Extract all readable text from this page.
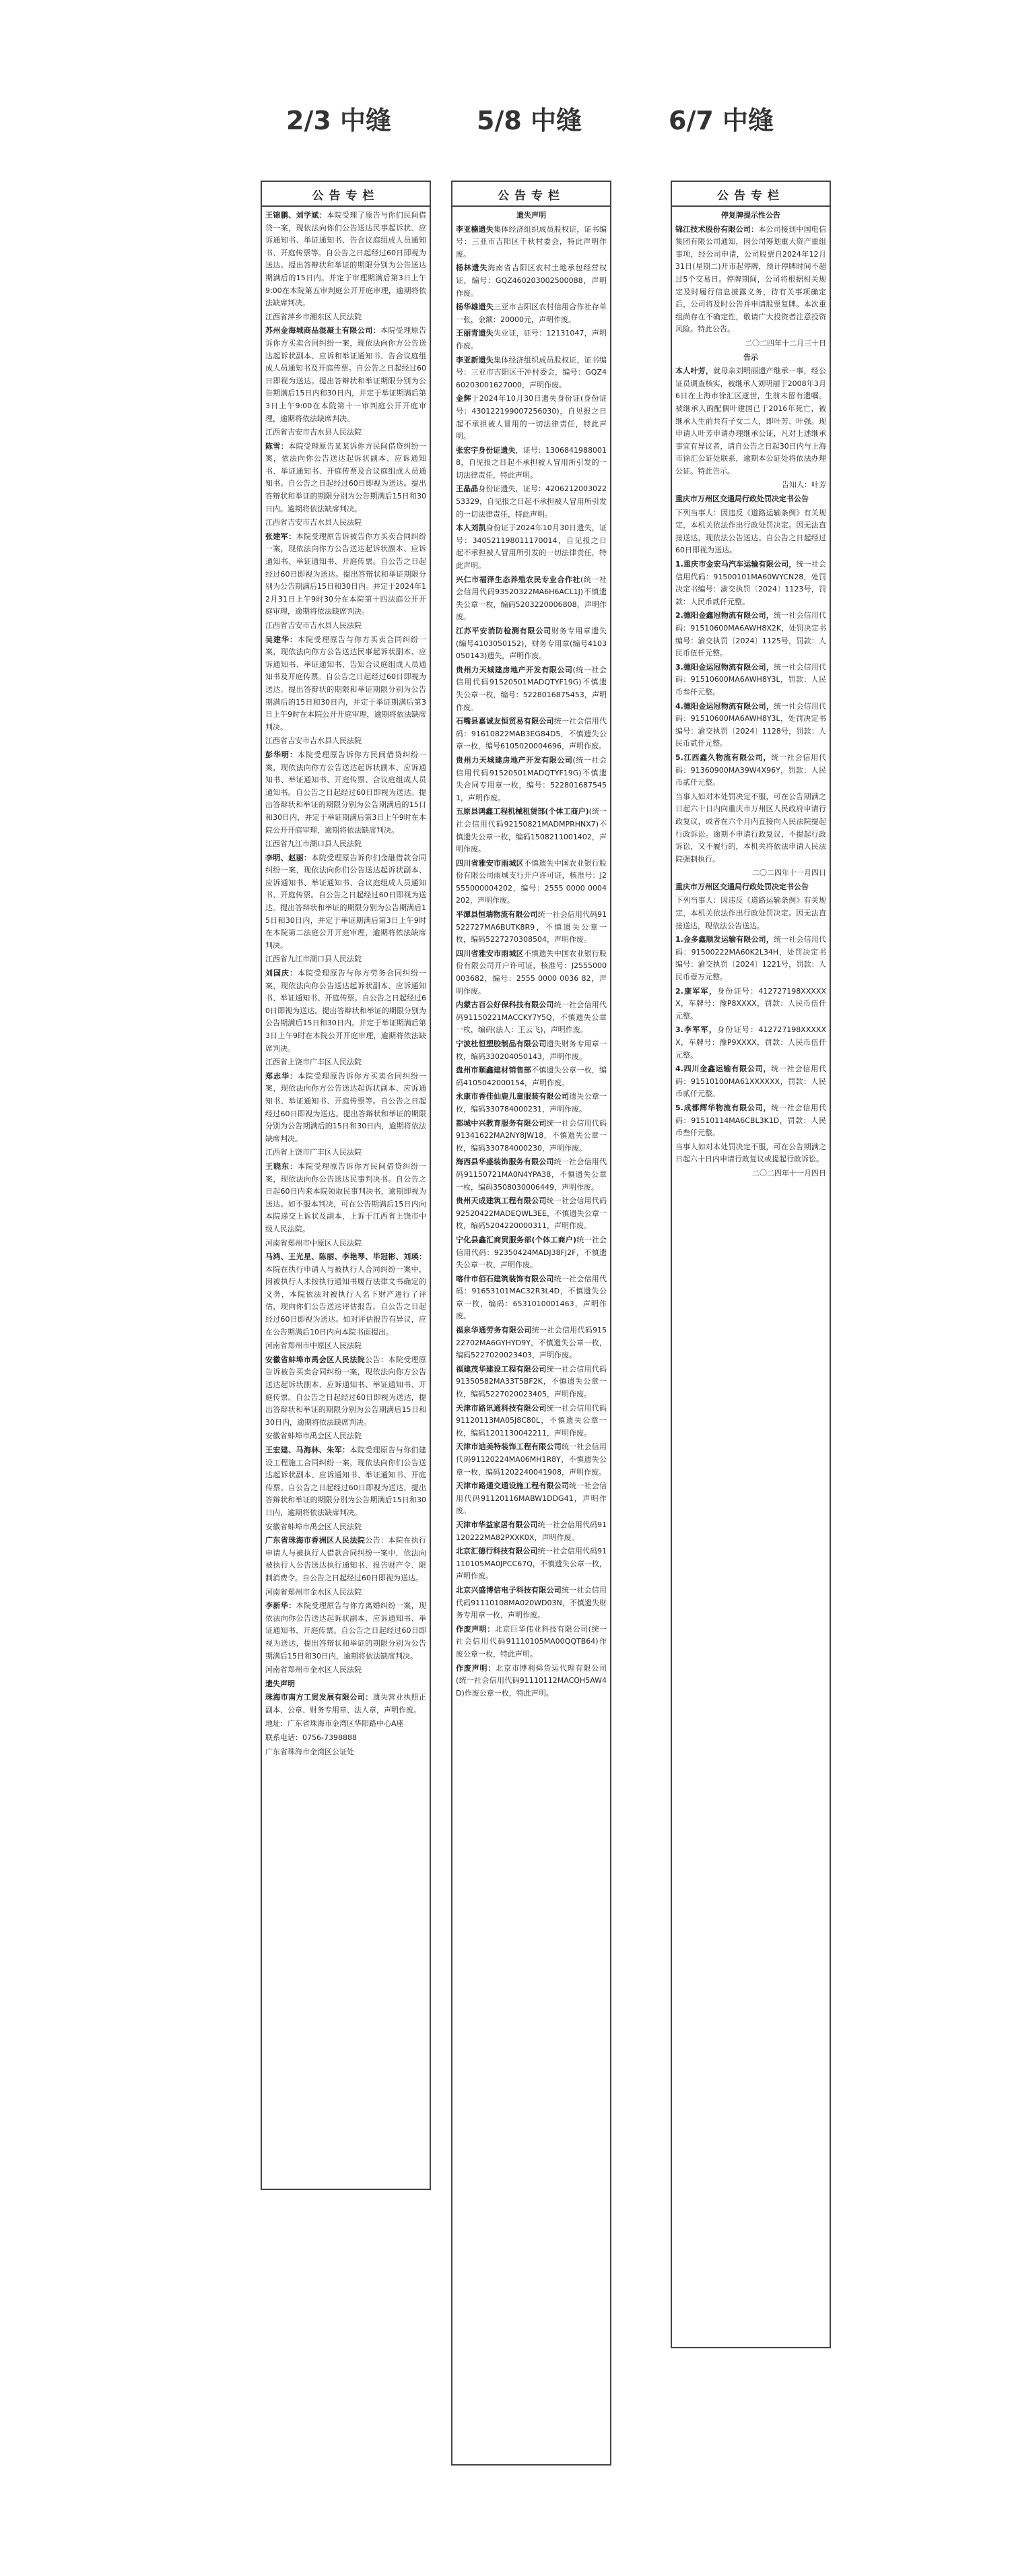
2/3 中缝	5/8 中缝	6/7 中缝
公告专栏

王锦鹏、刘学斌：本院受理了原告与你们民间借贷一案，现依法向你们公告送达民事起诉状、应诉通知书、举证通知书、告合议庭组成人员通知书、开庭传票等。自公告之日起经过60日即视为送达。提出答辩状和举证的期限分别为公告送达期满后的15日内。并定于审理期满后第3日上午9:00在本院第五审判庭公开开庭审理，逾期将依法缺席判决。

江西省萍乡市湘东区人民法院

苏州金海城商品混凝土有限公司：本院受理原告诉你方买卖合同纠纷一案，现依法向你方公告送达起诉状副本、应诉和举证通知书、告合议庭组成人员通知书及开庭传票。自公告之日起经过60日即视为送达。提出答辩状和举证期限分别为公告期满后15日内和30日内，并定于举证期满后第3日上午9:00在本院第十一审判庭公开开庭审理，逾期将依法缺席判决。

江西省吉安市吉水县人民法院

陈雪：本院受理原告某某诉你方民间借贷纠纷一案，依法向你公告送达起诉状副本、应诉通知书、举证通知书、开庭传票及合议庭组成人员通知书。自公告之日起经过60日即视为送达。提出答辩状和举证的期限分别为公告期满后15日和30日内。逾期将依法缺席判决。

江西省吉安市吉水县人民法院

张建军：本院受理原告诉被告你方买卖合同纠纷一案，现依法向你方公告送达起诉状副本、应诉通知书、举证通知书、开庭传票。自公告之日起经过60日即视为送达。提出答辩状和举证期限分别为公告期满后15日和30日内。并定于2024年12月31日上午9时30分在本院第十四法庭公开开庭审理，逾期将依法缺席判决。

江西省吉安市吉水县人民法院

吴建华：本院受理原告与你方买卖合同纠纷一案，现依法向你方公告送达民事起诉状副本、应诉通知书、举证通知书、告知合议庭组成人员通知书及开庭传票。自公告之日起经过60日即视为送达。提出答辩状的期限和举证期限分别为公告期满后的15日和30日内，并定于举证期满后第3日上午9时在本院公开开庭审理，逾期将依法缺席判决。

江西省吉安市吉水县人民法院

彭华明：本院受理原告诉你方民间借贷纠纷一案，现依法向你方公告送达起诉状副本、应诉通知书、举证通知书、开庭传票、合议庭组成人员通知书。自公告之日起经过60日即视为送达。提出答辩状和举证的期限分别为公告期满后的15日和30日内，并定于举证期满后第3日上午9时在本院公开开庭审理，逾期将依法缺席判决。

江西省九江市湖口县人民法院

李明、赵丽：本院受理原告诉你们金融借款合同纠纷一案，现依法向你们公告送达起诉状副本、应诉通知书、举证通知书、合议庭组成人员通知书、开庭传票。自公告之日起经过60日即视为送达。提出答辩状和举证的期限分别为公告期满后15日和30日内，并定于举证期满后第3日上午9时在本院第二法庭公开开庭审理，逾期将依法缺席判决。

江西省九江市湖口县人民法院

刘国庆：本院受理原告与你方劳务合同纠纷一案，现依法向你公告送达起诉状副本、应诉通知书、举证通知书、开庭传票。自公告之日起经过60日即视为送达。提出答辩状和举证的期限分别为公告期满后15日和30日内。并定于举证期满后第3日上午9时在本院公开开庭审理，逾期将依法缺席判决。

江西省上饶市广丰区人民法院

郑志华：本院受理原告诉你方买卖合同纠纷一案，现依法向你方公告送达起诉状副本、应诉通知书、举证通知书、开庭传票等。自公告之日起经过60日即视为送达。提出答辩状和举证的期限分别为公告期满后的15日和30日内，逾期将依法缺席判决。

江西省上饶市广丰区人民法院

王晓东：本院受理原告诉你方民间借贷纠纷一案，现依法向你公告送达民事判决书。自公告之日起60日内来本院领取民事判决书，逾期即视为送达。如不服本判决，可在公告期满后15日内向本院递交上诉状及副本，上诉于江西省上饶市中级人民法院。

河南省郑州市中原区人民法院

马鸿、王光星、陈丽、李艳琴、毕冠彬、刘瑛：本院在执行申请人与被执行人合同纠纷一案中，因被执行人未按执行通知书履行法律文书确定的义务，本院依法对被执行人名下财产进行了评估，现向你们公告送达评估报告。自公告之日起经过60日即视为送达。如对评估报告有异议，应在公告期满后10日内向本院书面提出。

河南省郑州市中原区人民法院

安徽省蚌埠市禹会区人民法院公告：本院受理原告诉被告买卖合同纠纷一案，现依法向你方公告送达起诉状副本、应诉通知书、举证通知书、开庭传票。自公告之日起经过60日即视为送达，提出答辩状和举证的期限分别为公告期满后15日和30日内，逾期将依法缺席判决。

安徽省蚌埠市禹会区人民法院

王宏建、马海林、朱军：本院受理原告与你们建设工程施工合同纠纷一案，现依法向你们公告送达起诉状副本、应诉通知书、举证通知书、开庭传票。自公告之日起经过60日即视为送达，提出答辩状和举证的期限分别为公告期满后15日和30日内，逾期将依法缺席判决。

安徽省蚌埠市禹会区人民法院

广东省珠海市香洲区人民法院公告：本院在执行申请人与被执行人借款合同纠纷一案中，依法向被执行人公告送达执行通知书、报告财产令、限制消费令。自公告之日起经过60日即视为送达。

河南省郑州市金水区人民法院

李新华：本院受理原告与你方离婚纠纷一案，现依法向你公告送达起诉状副本、应诉通知书、举证通知书、开庭传票。自公告之日起经过60日即视为送达，提出答辩状和举证的期限分别为公告期满后15日和30日内，逾期将依法缺席判决。

河南省郑州市金水区人民法院

遗失声明

珠海市南方工贸发展有限公司：遗失营业执照正副本、公章、财务专用章、法人章，声明作废。

地址：广东省珠海市金湾区华阳路中心A座

联系电话：0756-7398888

广东省珠海市金湾区公证处

公告专栏

遗失声明

李亚楠遗失集体经济组织成员股权证，证书编号：三亚市吉阳区千秋村委会，特此声明作废。

杨林遗失海南省吉阳区农村土地承包经营权证，编号：GQZ460203002500088，声明作废。

杨华雄遗失三亚市吉阳区农村信用合作社存单一张，金额：20000元，声明作废。

王丽青遗失失业证，证号：12131047，声明作废。

李亚新遗失集体经济组织成员股权证，证书编号：三亚市吉阳区干冲村委会，编号：GQZ460203001627000，声明作废。

金辉于2024年10月30日遗失身份证(身份证号：430122199007256030)，自见报之日起不承担被人冒用的一切法律责任，特此声明。

张宏宇身份证遗失，证号：13068419880018，自见报之日起不承担被人冒用所引发的一切法律责任，特此声明。

王晶晶身份证遗失，证号：420621200302253329，自见报之日起不承担被人冒用所引发的一切法律责任，特此声明。

本人刘凯身份证于2024年10月30日遗失，证号：340521198011170014，自见报之日起不承担被人冒用所引发的一切法律责任，特此声明。

兴仁市福泽生态养殖农民专业合作社(统一社会信用代码93520322MA6H6ACL1J)不慎遗失公章一枚，编码5203220006808，声明作废。

江苏平安消防检测有限公司财务专用章遗失(编号4103050152)，财务专用章(编号4103050143)遗失，声明作废。

贵州力天城建房地产开发有限公司(统一社会信用代码91520501MADQTYF19G)不慎遗失公章一枚，编号：5228016875453，声明作废。

石嘴县嘉诚友恒贸易有限公司统一社会信用代码：91610822MAB3EG84D5，不慎遗失公章一枚，编号6105020004696，声明作废。

贵州力天城建房地产开发有限公司(统一社会信用代码91520501MADQTYF19G)不慎遗失合同专用章一枚，编号：5228016875451，声明作废。

五原县鸿鑫工程机械租赁部(个体工商户)(统一社会信用代码92150821MADMPRHNX7)不慎遗失公章一枚，编码1508211001402，声明作废。

四川省雅安市雨城区不慎遗失中国农业银行股份有限公司雨城支行开户许可证，核准号：J2555000004202，编号：2555 0000 0004 202，声明作废。

平潭县恒瑞物流有限公司统一社会信用代码91522727MA6BUTK8R9，不慎遗失公章一枚，编码5227270308504，声明作废。

四川省雅安市雨城区不慎遗失中国农业银行股份有限公司开户许可证，核准号：J2555000003682，编号：2555 0000 0036 82，声明作废。

内蒙古百公好保科技有限公司统一社会信用代码91150221MACCKY7Y5Q，不慎遗失公章一枚，编码(法人：王云飞)，声明作废。

宁波杜恒塑胶制品有限公司遗失财务专用章一枚，编码330204050143，声明作废。

盘州市顺鑫建材销售部不慎遗失公章一枚，编码4105042000154，声明作废。

永康市香佳仙鹿儿童服装有限公司遗失公章一枚，编码330784000231，声明作废。

都城中兴教育服务有限公司统一社会信用代码91341622MA2NY8JW18，不慎遗失公章一枚，编码330784000230，声明作废。

海西县华盛装饰服务有限公司统一社会信用代码91150721MA0N4YPA38，不慎遗失公章一枚，编码3508030006449，声明作废。

贵州天成建筑工程有限公司统一社会信用代码92520422MADEQWL3EE，不慎遗失公章一枚，编码5204220000311，声明作废。

宁化县鑫汇商贸服务部(个体工商户)统一社会信用代码：92350424MADJ38FJ2F，不慎遗失公章一枚，声明作废。

喀什市佰石建筑装饰有限公司统一社会信用代码：91653101MAC32R3L4D，不慎遗失公章一枚，编码：6531010001463，声明作废。

福泉华通劳务有限公司统一社会信用代码91522702MA6GYHYD9Y，不慎遗失公章一枚，编码5227020023403，声明作废。

福建茂华建设工程有限公司统一社会信用代码91350582MA33T5BF2K，不慎遗失公章一枚，编码5227020023405，声明作废。

天津市路讯通科技有限公司统一社会信用代码91120113MA05J8C80L，不慎遗失公章一枚，编码1201130042211，声明作废。

天津市迪美特装饰工程有限公司统一社会信用代码91120224MA06MH1R8Y，不慎遗失公章一枚，编码1202240041908，声明作废。

天津市路通交通设施工程有限公司统一社会信用代码91120116MABW1DDG41，声明作废。

天津市华益家居有限公司统一社会信用代码91120222MA82PXXK0X，声明作废。

北京汇德行科技有限公司统一社会信用代码91110105MA0JPCC67Q，不慎遗失公章一枚，声明作废。

北京兴盛博信电子科技有限公司统一社会信用代码91110108MA020WD03N，不慎遗失财务专用章一枚，声明作废。

作废声明：北京巨华伟业科技有限公司(统一社会信用代码91110105MA00QQTB64)作废公章一枚，特此声明。

作废声明：北京市博利舜货运代理有限公司(统一社会信用代码91110112MACQH5AW4D)作废公章一枚，特此声明。

公告专栏

停复牌提示性公告

锦江技术股份有限公司：本公司接到中国电信集团有限公司通知，因公司筹划重大资产重组事项，经公司申请，公司股票自2024年12月31日(星期二)开市起停牌，预计停牌时间不超过5个交易日。停牌期间，公司将根据相关规定及时履行信息披露义务，待有关事项确定后，公司将及时公告并申请股票复牌。本次重组尚存在不确定性，敬请广大投资者注意投资风险。特此公告。

二〇二四年十二月三十日

告示

本人叶芳，就母亲刘明丽遗产继承一事，经公证员调查核实，被继承人刘明丽于2008年3月6日在上海市徐汇区逝世，生前未留有遗嘱。被继承人的配偶叶建国已于2016年死亡，被继承人生前共有子女二人，即叶芳、叶强。现申请人叶芳申请办理继承公证，凡对上述继承事宜有异议者，请自公告之日起30日内与上海市徐汇公证处联系，逾期本公证处将依法办理公证。特此告示。

告知人：叶芳

重庆市万州区交通局行政处罚决定书公告

下列当事人：因违反《道路运输条例》有关规定，本机关依法作出行政处罚决定。因无法直接送达，现依法公告送达。自公告之日起经过60日即视为送达。

1.重庆市金宏马汽车运输有限公司，统一社会信用代码：91500101MA60WYCN28，处罚决定书编号：渝交执罚〔2024〕1123号，罚款：人民币贰仟元整。

2.德阳金鑫冠物流有限公司，统一社会信用代码：91510600MA6AWH8X2K，处罚决定书编号：渝交执罚〔2024〕1125号，罚款：人民币伍仟元整。

3.德阳金运冠物流有限公司，统一社会信用代码：91510600MA6AWH8Y3L，罚款：人民币叁仟元整。

4.德阳金运冠物流有限公司，统一社会信用代码：91510600MA6AWH8Y3L，处罚决定书编号：渝交执罚〔2024〕1128号，罚款：人民币贰仟元整。

5.江西鑫久物流有限公司，统一社会信用代码：91360900MA39W4X96Y，罚款：人民币贰仟元整。

当事人如对本处罚决定不服，可在公告期满之日起六十日内向重庆市万州区人民政府申请行政复议，或者在六个月内直接向人民法院提起行政诉讼。逾期不申请行政复议，不提起行政诉讼，又不履行的，本机关将依法申请人民法院强制执行。

二〇二四年十一月四日

重庆市万州区交通局行政处罚决定书公告

下列当事人：因违反《道路运输条例》有关规定，本机关依法作出行政处罚决定。因无法直接送达，现依法公告送达。

1.金多鑫顺发运输有限公司，统一社会信用代码：91500222MA60K2L34H，处罚决定书编号：渝交执罚〔2024〕1221号，罚款：人民币壹万元整。

2.康军军，身份证号：412727198XXXXXX，车牌号：豫P8XXXX，罚款：人民币伍仟元整。

3.李军军，身份证号：412727198XXXXXX，车牌号：豫P9XXXX，罚款：人民币伍仟元整。

4.四川金鑫运输有限公司，统一社会信用代码：91510100MA61XXXXXX，罚款：人民币贰仟元整。

5.成都辉华物流有限公司，统一社会信用代码：91510114MA6CBL3K1D，罚款：人民币叁仟元整。

当事人如对本处罚决定不服，可在公告期满之日起六十日内申请行政复议或提起行政诉讼。

二〇二四年十一月四日
